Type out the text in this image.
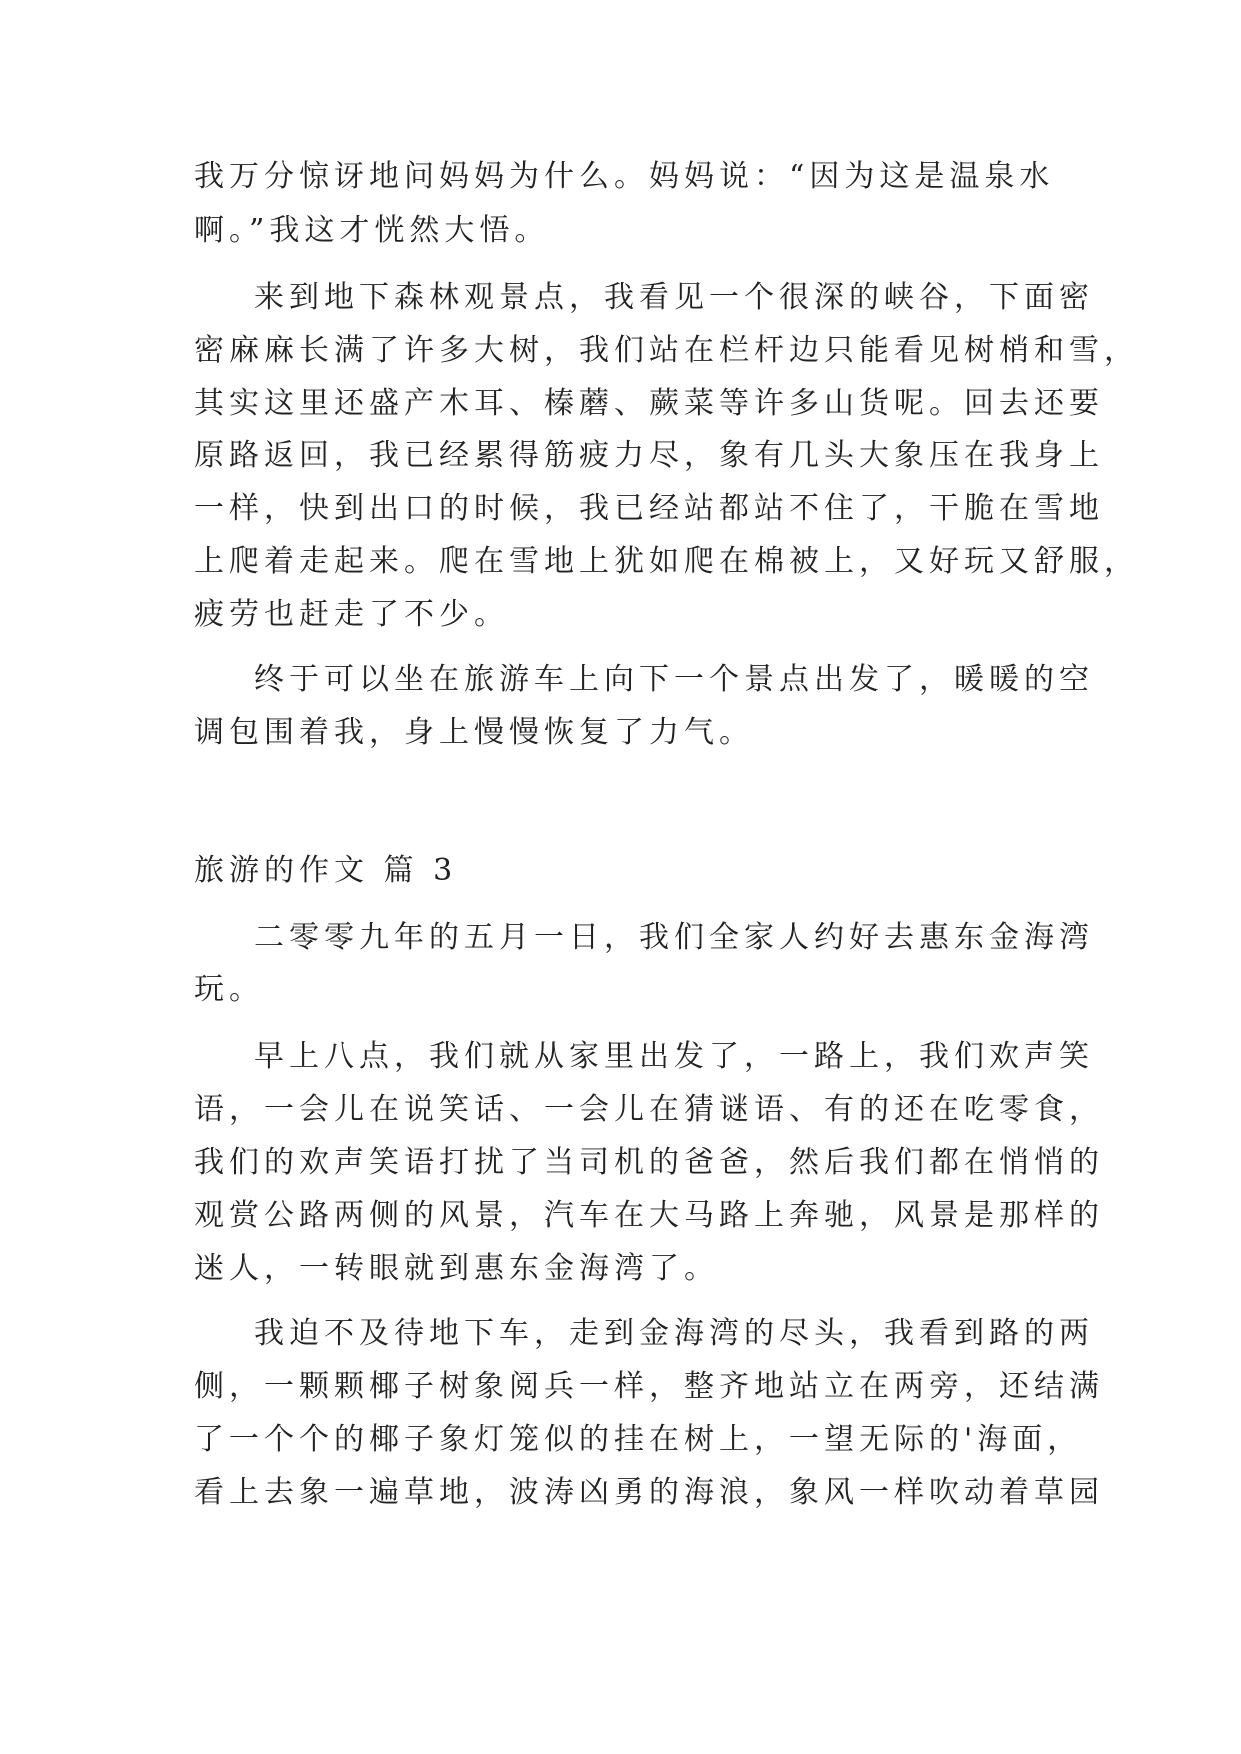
我万分惊讶地问妈妈为什么。妈妈说：“因为这是温泉水
啊。”我这才恍然大悟。
来到地下森林观景点，我看见一个很深的峡谷，下面密
密麻麻长满了许多大树，我们站在栏杆边只能看见树梢和雪，
其实这里还盛产木耳、榛蘑、蕨菜等许多山货呢。回去还要
原路返回，我已经累得筋疲力尽，象有几头大象压在我身上
一样，快到出口的时候，我已经站都站不住了，干脆在雪地
上爬着走起来。爬在雪地上犹如爬在棉被上，又好玩又舒服，
疲劳也赶走了不少。
终于可以坐在旅游车上向下一个景点出发了，暖暖的空
调包围着我，身上慢慢恢复了力气。
旅游的作文 篇 3
二零零九年的五月一日，我们全家人约好去惠东金海湾
玩。
早上八点，我们就从家里出发了，一路上，我们欢声笑
语，一会儿在说笑话、一会儿在猜谜语、有的还在吃零食，
我们的欢声笑语打扰了当司机的爸爸，然后我们都在悄悄的
观赏公路两侧的风景，汽车在大马路上奔驰，风景是那样的
迷人，一转眼就到惠东金海湾了。
我迫不及待地下车，走到金海湾的尽头，我看到路的两
侧，一颗颗椰子树象阅兵一样，整齐地站立在两旁，还结满
了一个个的椰子象灯笼似的挂在树上，一望无际的'海面，
看上去象一遍草地，波涛凶勇的海浪，象风一样吹动着草园
